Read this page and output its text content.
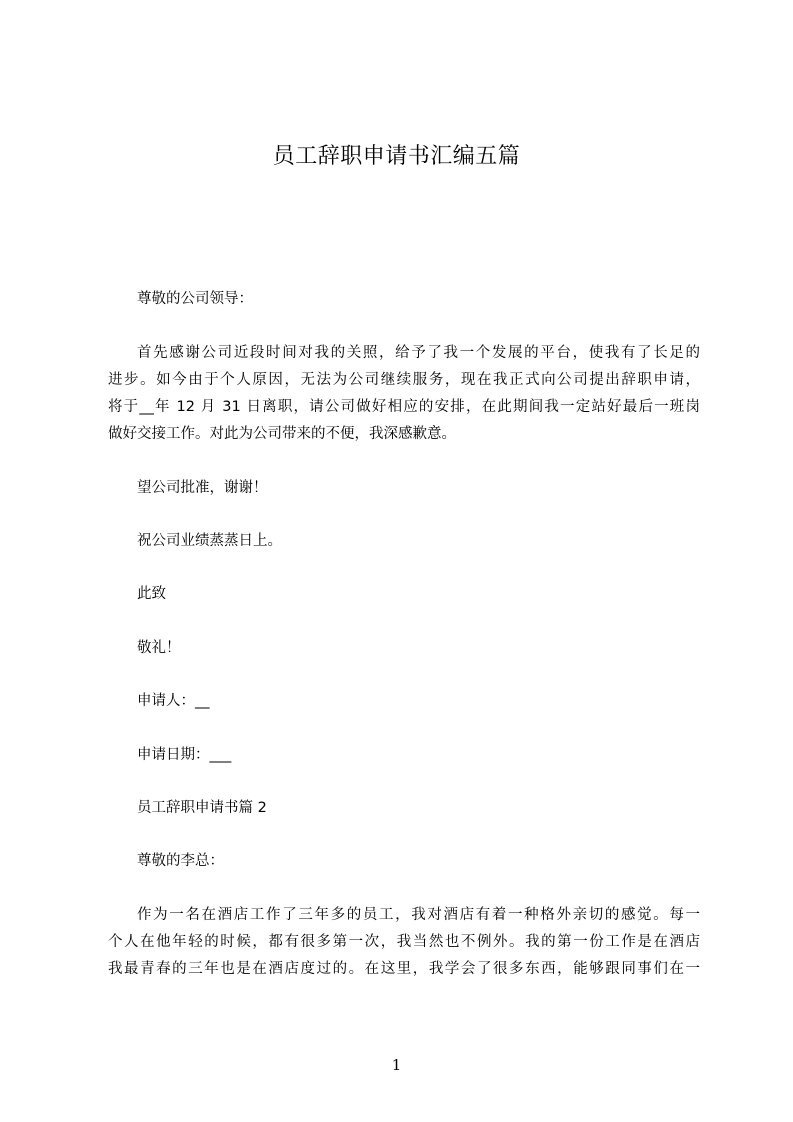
员工辞职申请书汇编五篇
尊敬的公司领导：
首先感谢公司近段时间对我的关照，给予了我一个发展的平台，使我有了长足的
进步。如今由于个人原因，无法为公司继续服务，现在我正式向公司提出辞职申请，
将于__年 12 月 31 日离职，请公司做好相应的安排，在此期间我一定站好最后一班岗
做好交接工作。对此为公司带来的不便，我深感歉意。
望公司批准，谢谢！
祝公司业绩蒸蒸日上。
此致
敬礼！
申请人：__
申请日期：___
员工辞职申请书篇 2
尊敬的李总：
作为一名在酒店工作了三年多的员工，我对酒店有着一种格外亲切的感觉。每一
个人在他年轻的时候，都有很多第一次，我当然也不例外。我的第一份工作是在酒店
我最青春的三年也是在酒店度过的。在这里，我学会了很多东西，能够跟同事们在一
1
